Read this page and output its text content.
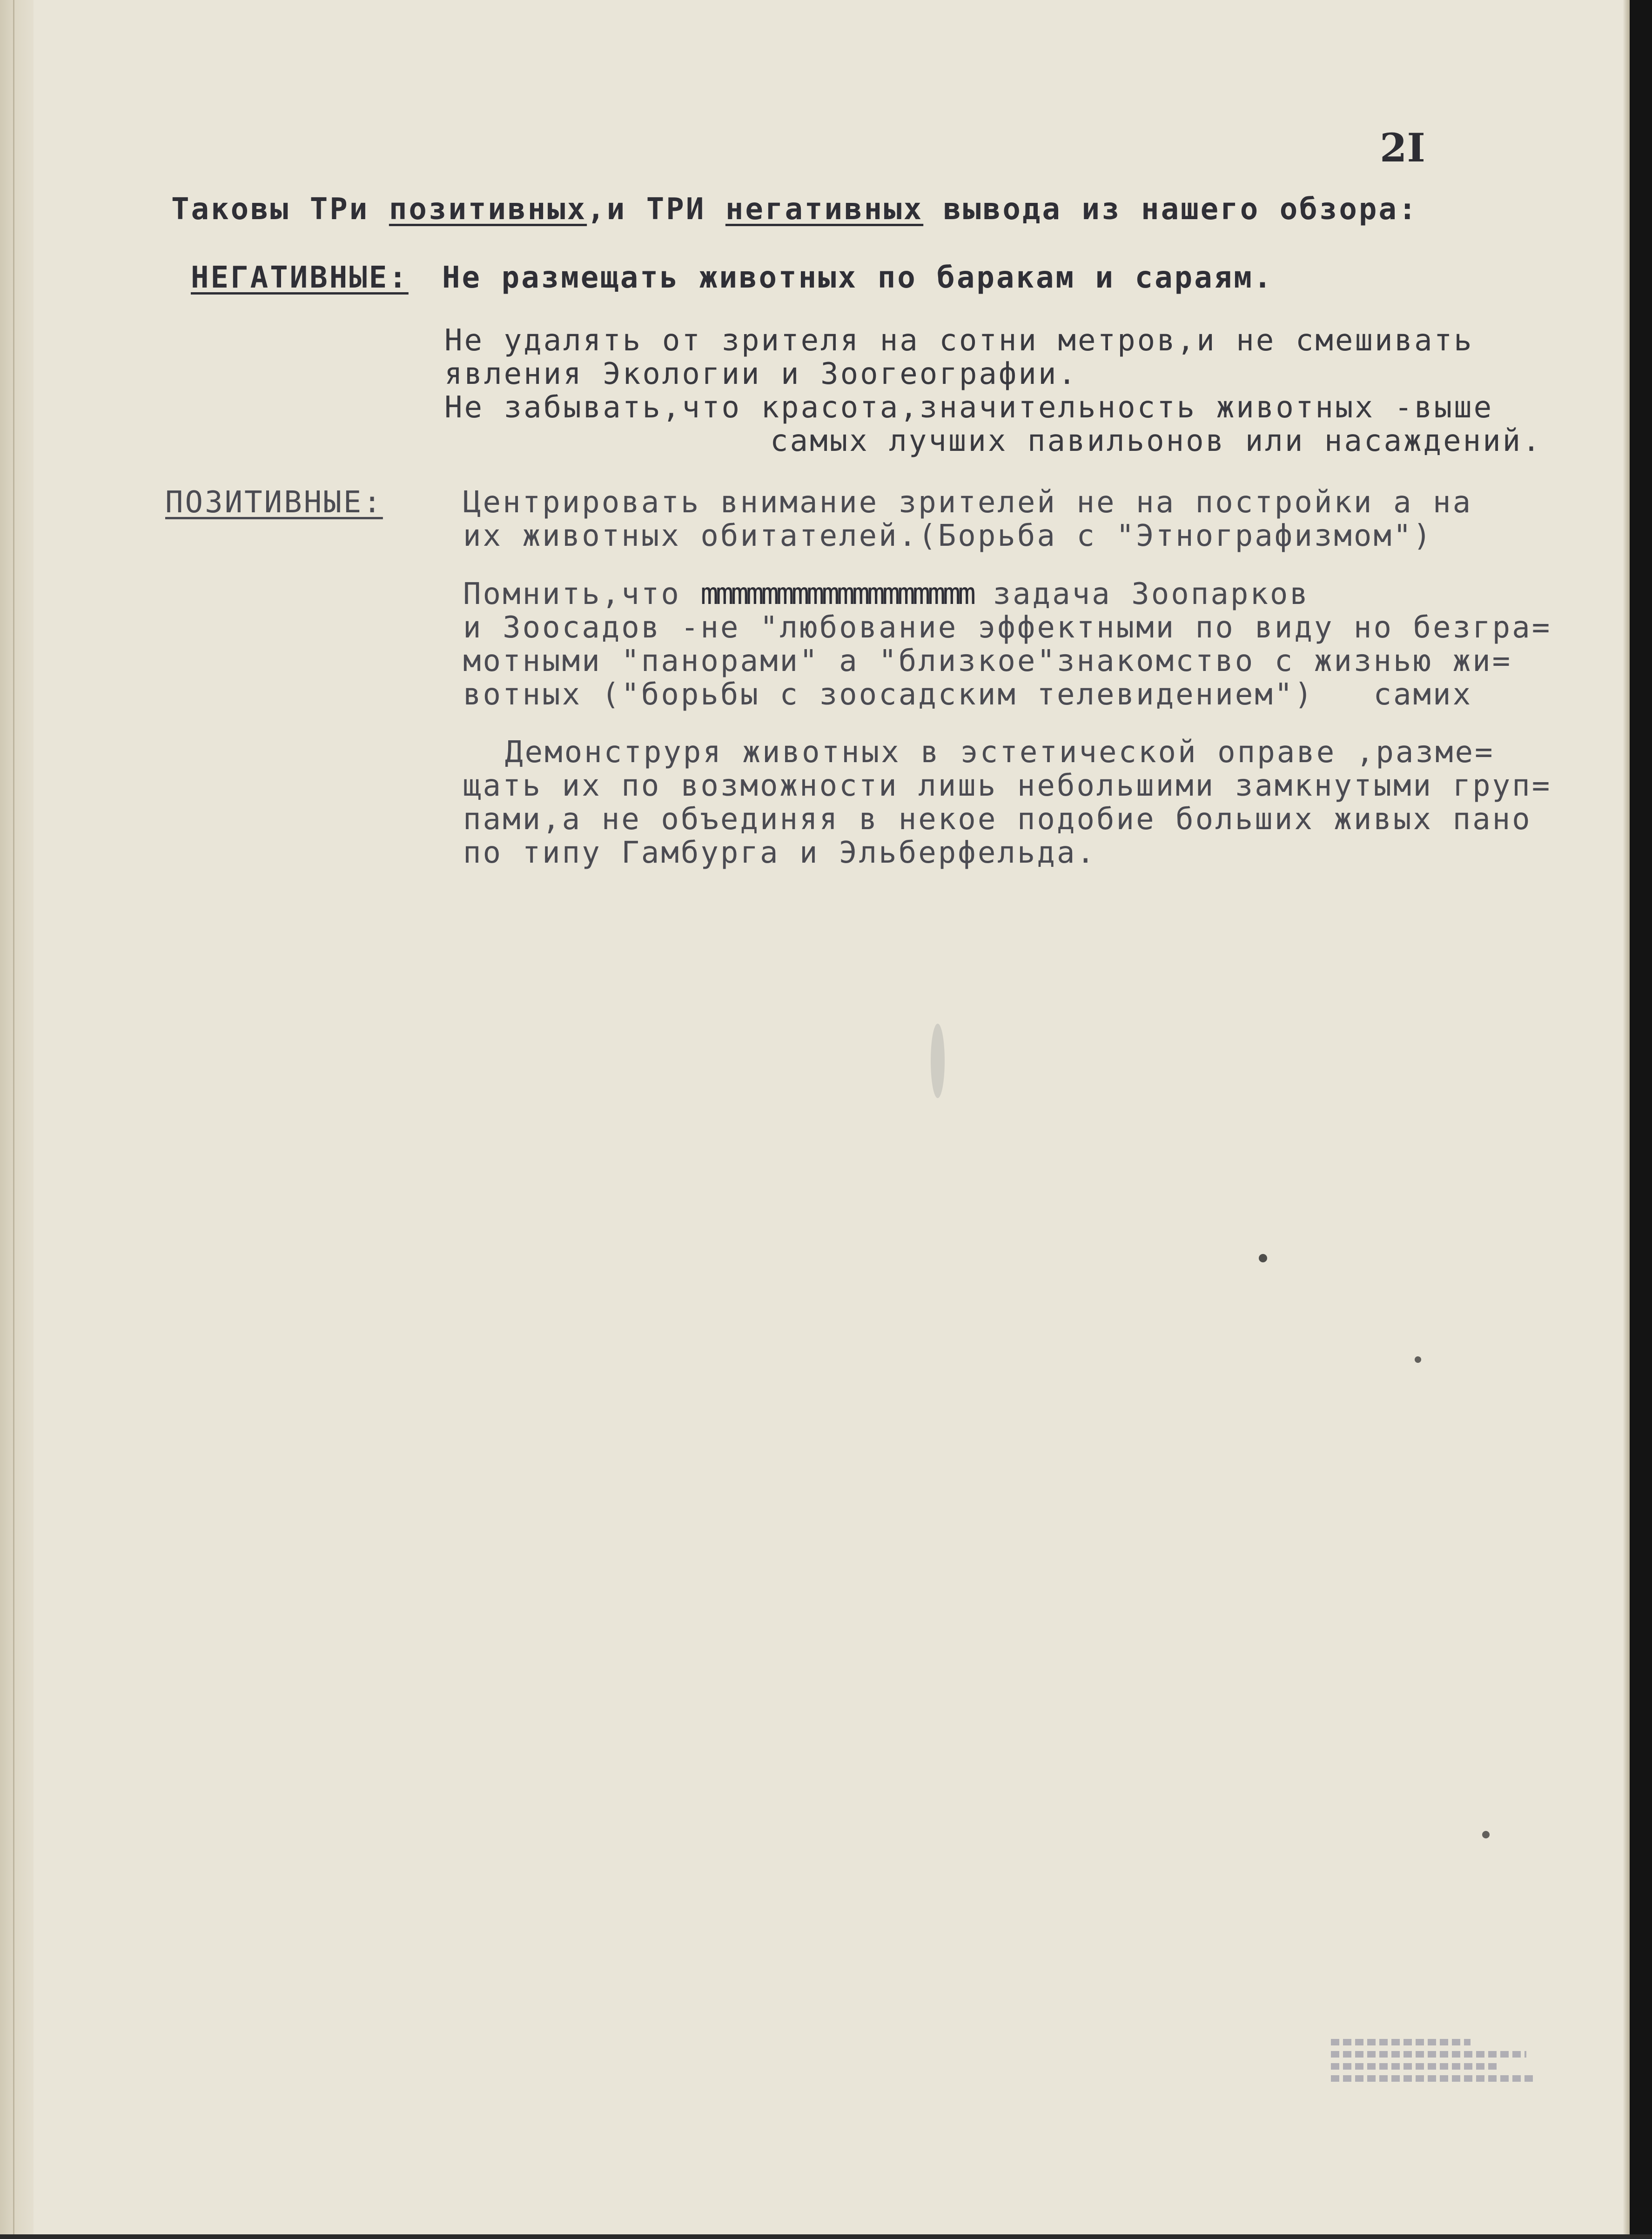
2I
Таковы ТРи позитивных,и ТРИ негативных вывода из нашего обзора:
НЕГАТИВНЫЕ: Не размещать животных по баракам и сараям.
Не удалять от зрителя на сотни метров,и не смешивать
явления Экологии и Зоогеографии.
Не забывать,что красота,значительность животных -выше
самых лучших павильонов или насаждений.
ПОЗИТИВНЫЕ:	Центрировать внимание зрителей не на постройки а на
их животных обитателей.(Борьба с "Этнографизмом")
Помнить,что mmmmmmmmmmmmmmmmmm задача Зоопарков
и Зоосадов -не "любование эффектными по виду но безгра=
мотными "панорами" а "близкое"знакомство с жизнью жи=
вотных ("борьбы с зоосадским телевидением")   самих
Демонструря животных в эстетической оправе ,разме=
щать их по возможности лишь небольшими замкнутыми груп=
пами,а не объединяя в некое подобие больших живых пано
по типу Гамбурга и Эльберфельда.
